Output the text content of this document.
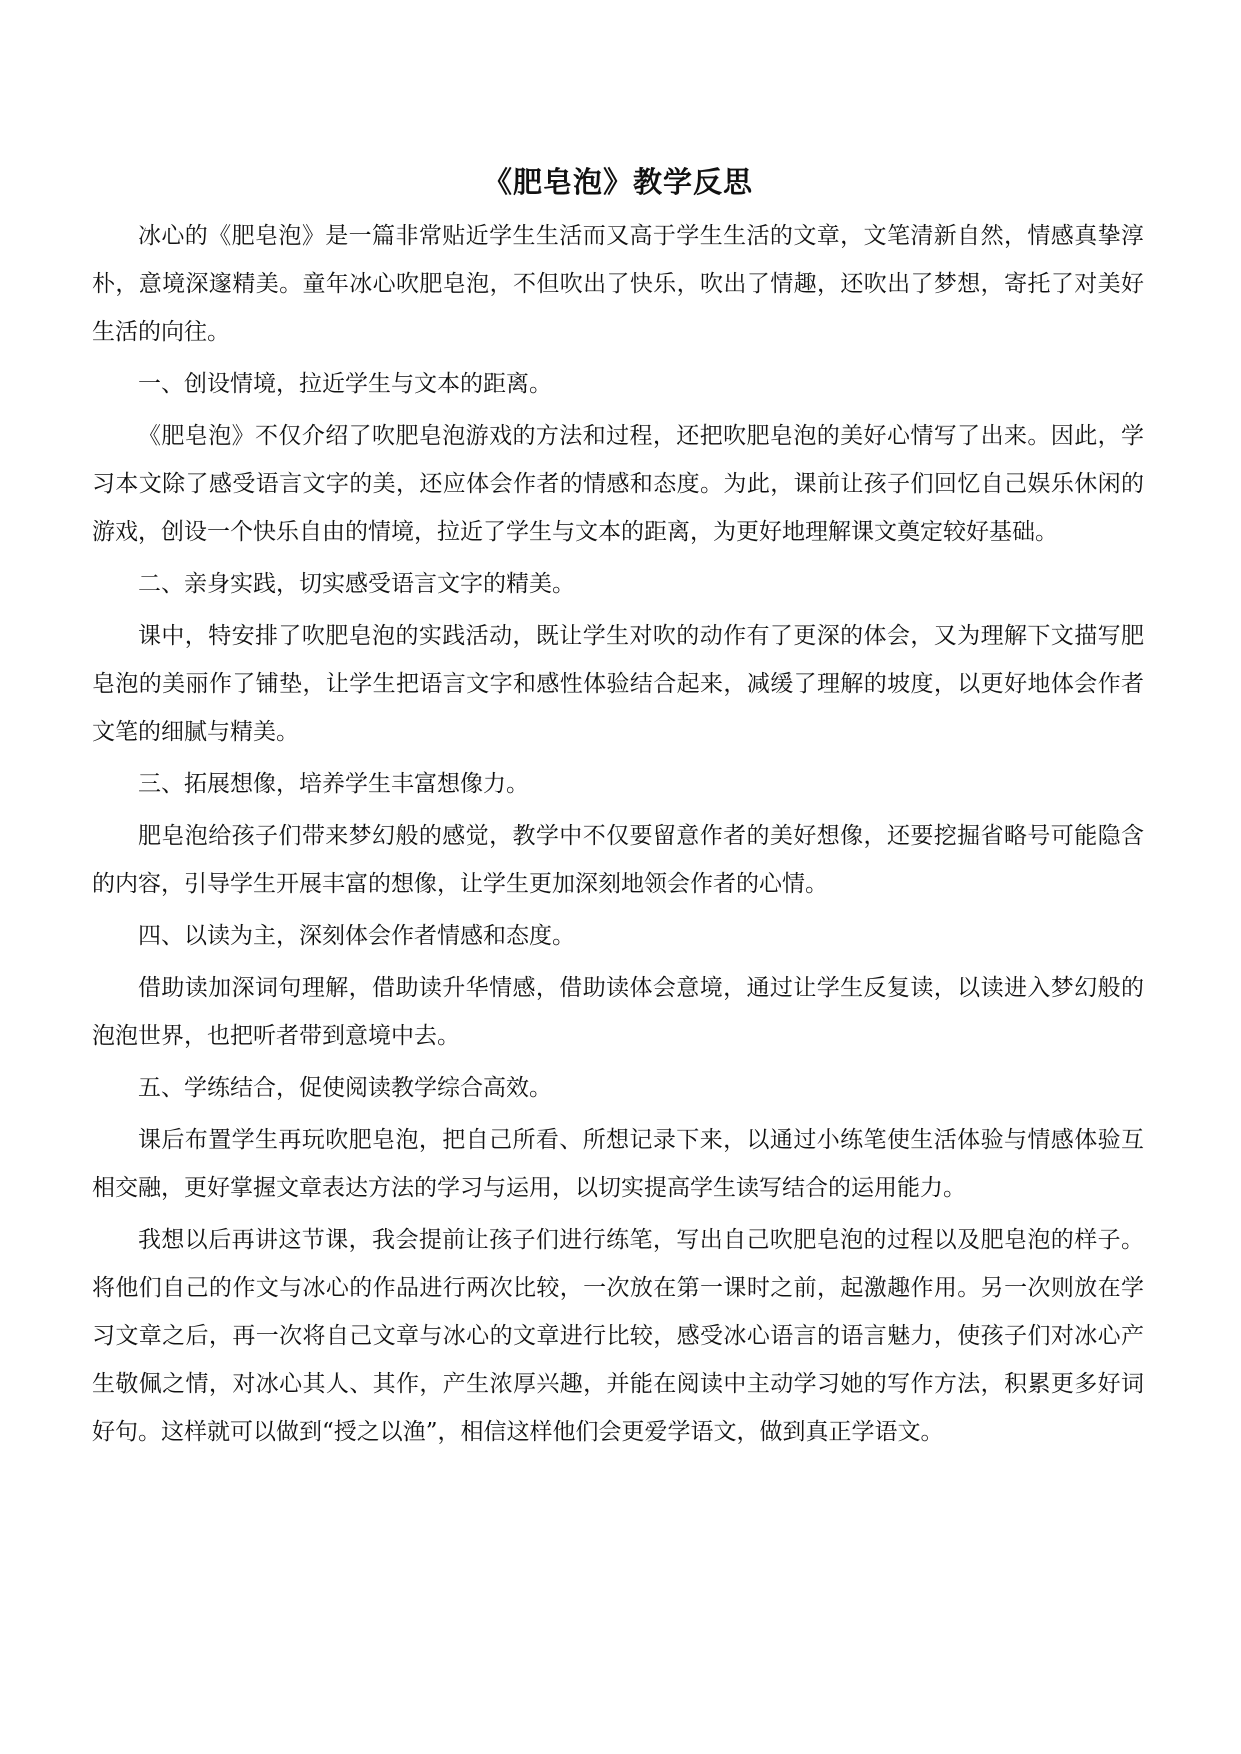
《肥皂泡》教学反思

冰心的《肥皂泡》是一篇非常贴近学生生活而又高于学生生活的文章，文笔清新自然，情感真挚淳朴，意境深邃精美。童年冰心吹肥皂泡，不但吹出了快乐，吹出了情趣，还吹出了梦想，寄托了对美好生活的向往。

一、创设情境，拉近学生与文本的距离。

《肥皂泡》不仅介绍了吹肥皂泡游戏的方法和过程，还把吹肥皂泡的美好心情写了出来。因此，学习本文除了感受语言文字的美，还应体会作者的情感和态度。为此，课前让孩子们回忆自己娱乐休闲的游戏，创设一个快乐自由的情境，拉近了学生与文本的距离，为更好地理解课文奠定较好基础。

二、亲身实践，切实感受语言文字的精美。

课中，特安排了吹肥皂泡的实践活动，既让学生对吹的动作有了更深的体会，又为理解下文描写肥皂泡的美丽作了铺垫，让学生把语言文字和感性体验结合起来，减缓了理解的坡度，以更好地体会作者文笔的细腻与精美。

三、拓展想像，培养学生丰富想像力。

肥皂泡给孩子们带来梦幻般的感觉，教学中不仅要留意作者的美好想像，还要挖掘省略号可能隐含的内容，引导学生开展丰富的想像，让学生更加深刻地领会作者的心情。

四、以读为主，深刻体会作者情感和态度。

借助读加深词句理解，借助读升华情感，借助读体会意境，通过让学生反复读，以读进入梦幻般的泡泡世界，也把听者带到意境中去。

五、学练结合，促使阅读教学综合高效。

课后布置学生再玩吹肥皂泡，把自己所看、所想记录下来，以通过小练笔使生活体验与情感体验互相交融，更好掌握文章表达方法的学习与运用，以切实提高学生读写结合的运用能力。

我想以后再讲这节课，我会提前让孩子们进行练笔，写出自己吹肥皂泡的过程以及肥皂泡的样子。将他们自己的作文与冰心的作品进行两次比较，一次放在第一课时之前，起激趣作用。另一次则放在学习文章之后，再一次将自己文章与冰心的文章进行比较，感受冰心语言的语言魅力，使孩子们对冰心产生敬佩之情，对冰心其人、其作，产生浓厚兴趣，并能在阅读中主动学习她的写作方法，积累更多好词好句。这样就可以做到“授之以渔”，相信这样他们会更爱学语文，做到真正学语文。
